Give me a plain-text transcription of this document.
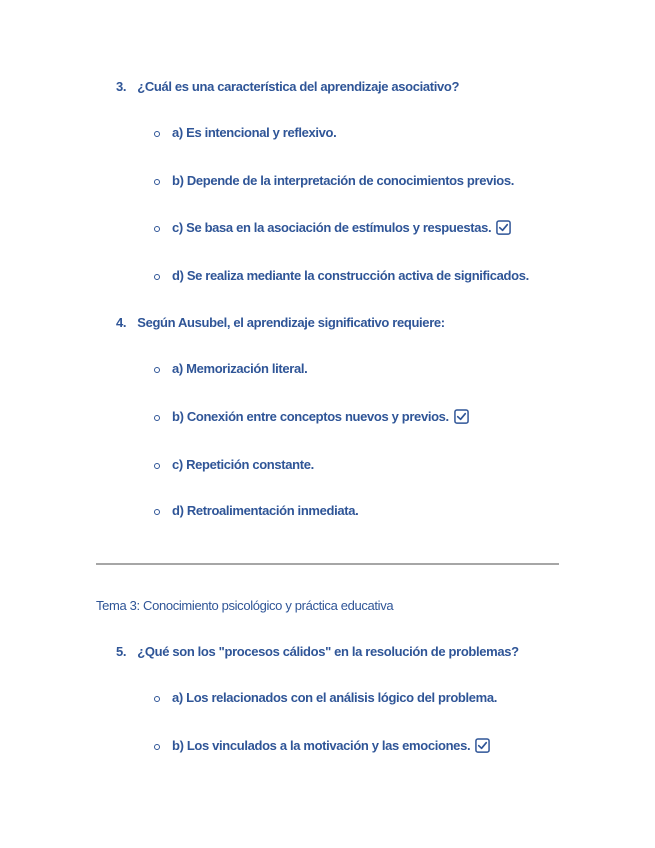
3. ¿Cuál es una característica del aprendizaje asociativo?
a) Es intencional y reflexivo.
b) Depende de la interpretación de conocimientos previos.
c) Se basa en la asociación de estímulos y respuestas.
d) Se realiza mediante la construcción activa de significados.
4. Según Ausubel, el aprendizaje significativo requiere:
a) Memorización literal.
b) Conexión entre conceptos nuevos y previos.
c) Repetición constante.
d) Retroalimentación inmediata.
Tema 3: Conocimiento psicológico y práctica educativa
5. ¿Qué son los "procesos cálidos" en la resolución de problemas?
a) Los relacionados con el análisis lógico del problema.
b) Los vinculados a la motivación y las emociones.
